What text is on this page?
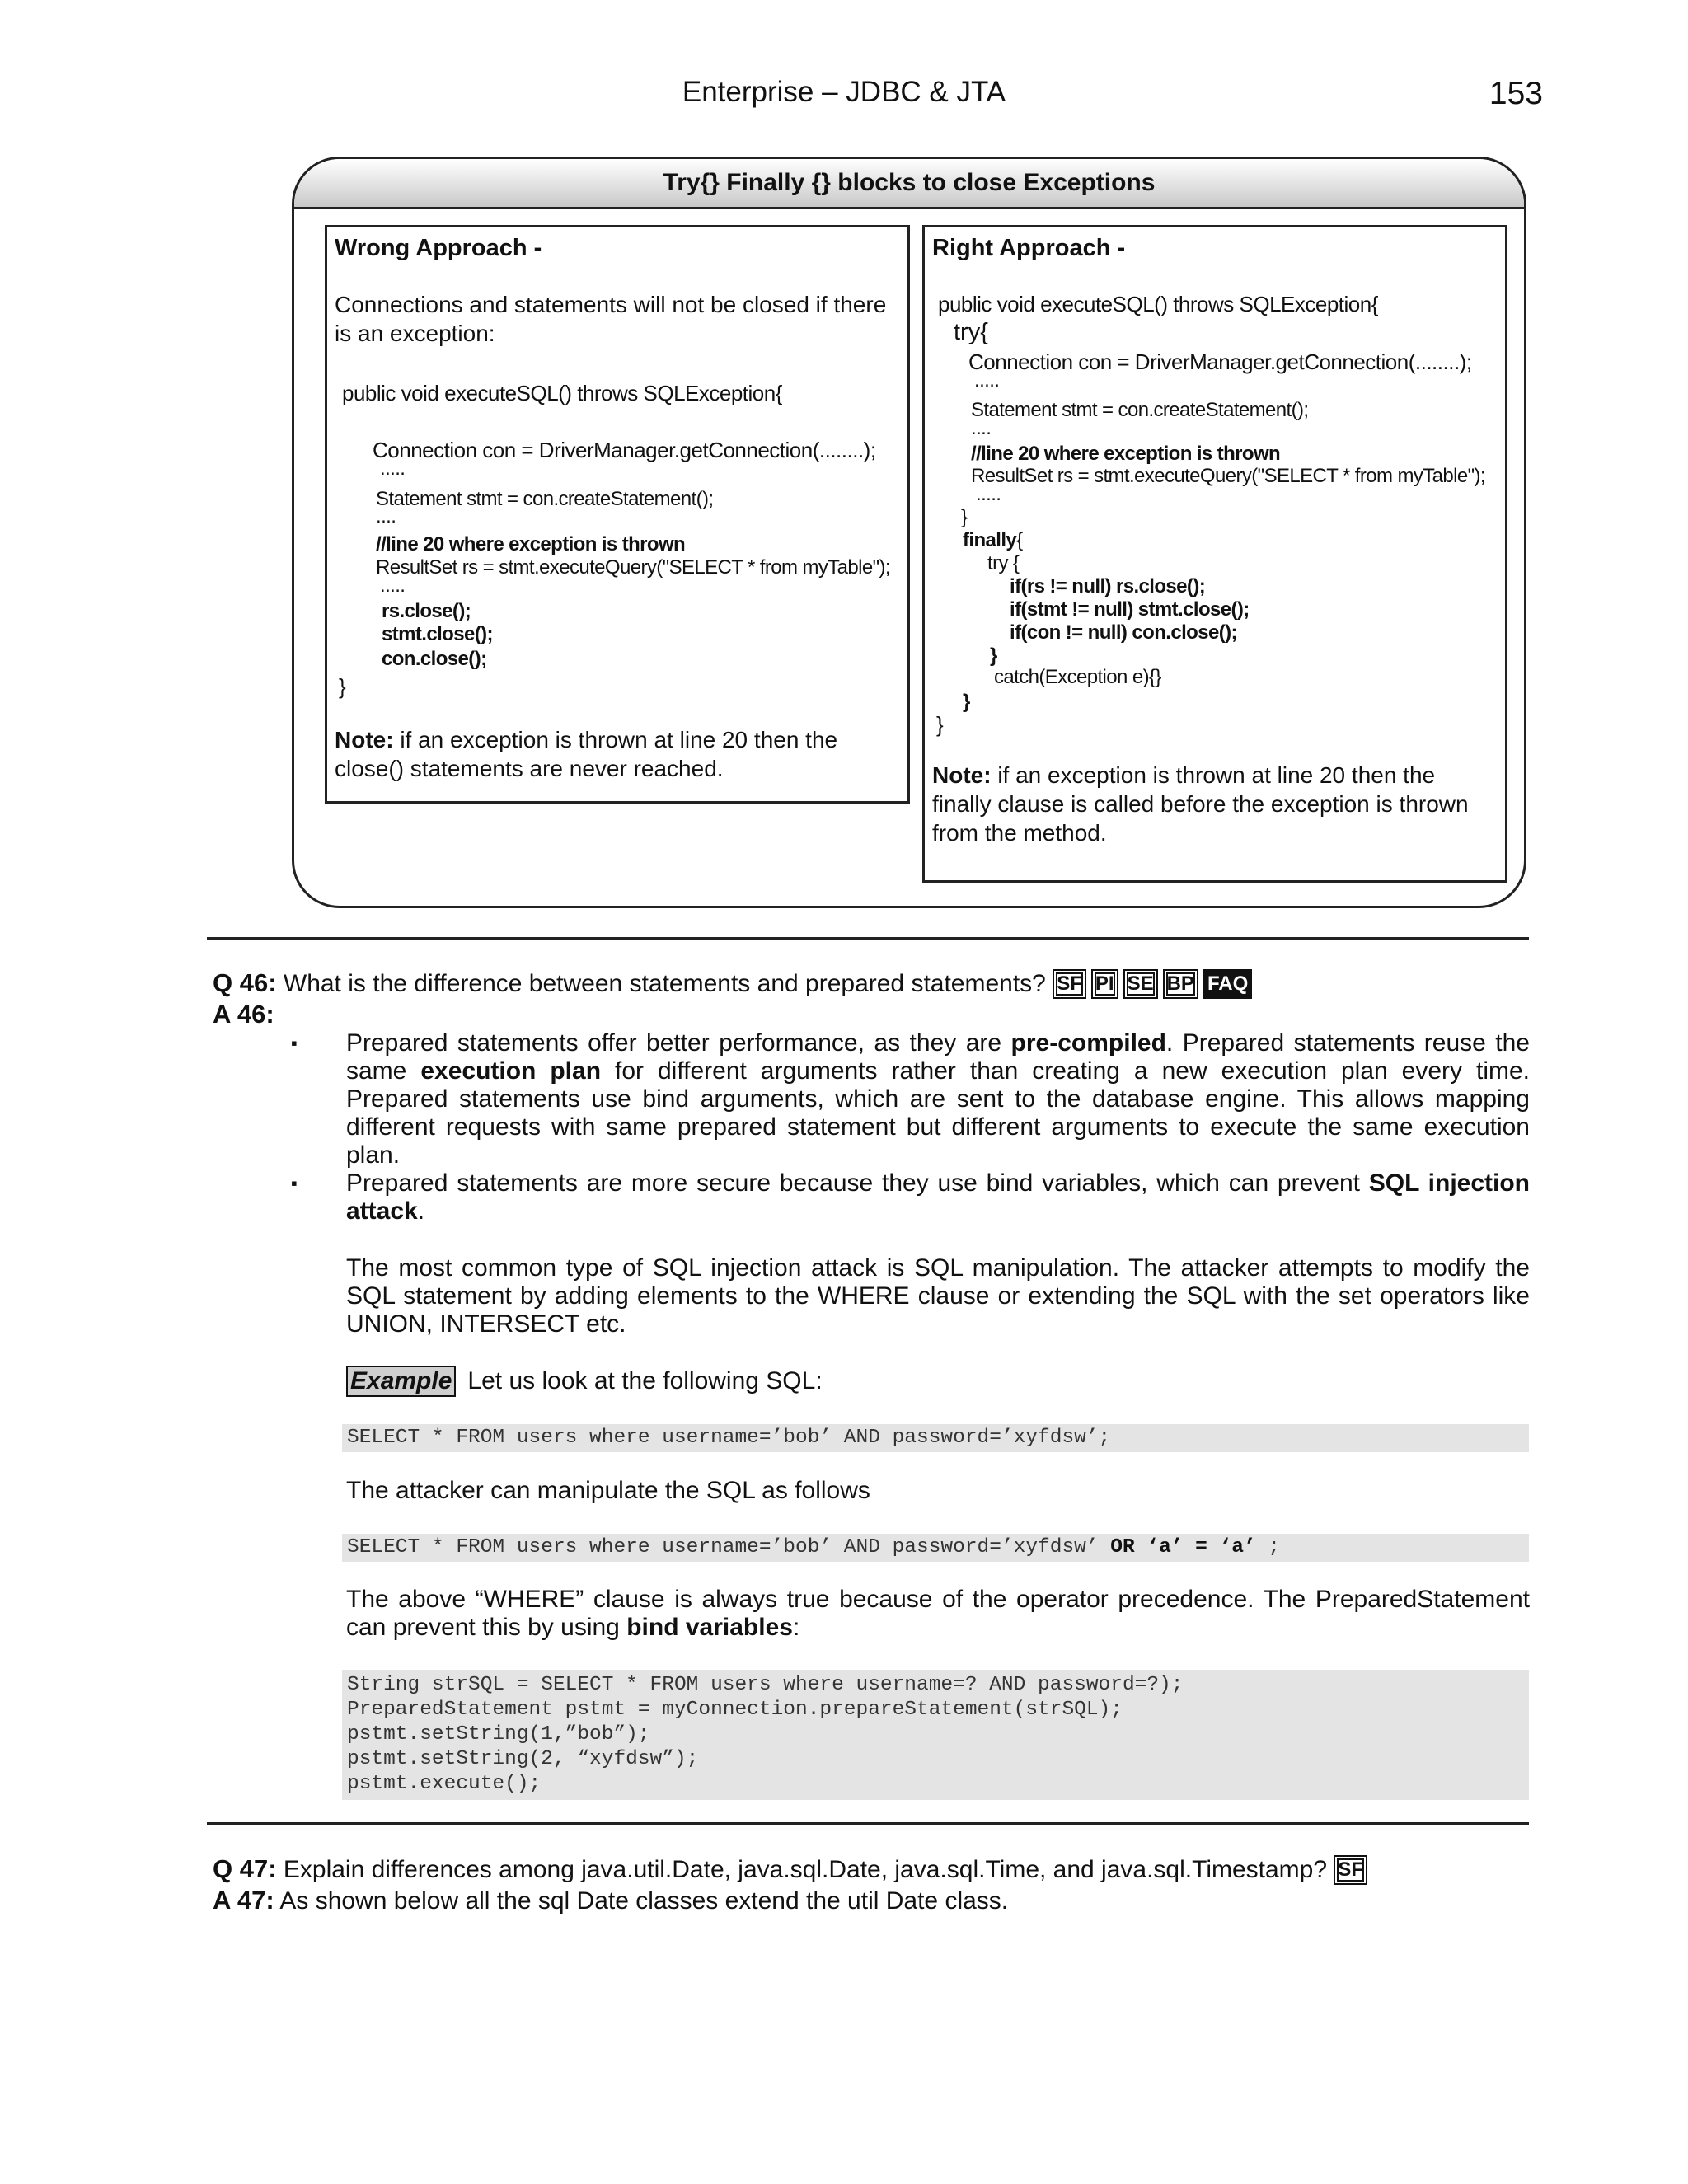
Enterprise – JDBC & JTA	153
Try{} Finally {} blocks to close Exceptions
Wrong Approach -
Connections and statements will not be closed if there
is an exception:
public void executeSQL() throws SQLException{
Connection con = DriverManager.getConnection(........);
.....
Statement stmt = con.createStatement();
....
//line 20 where exception is thrown
ResultSet rs = stmt.executeQuery("SELECT * from myTable");
.....
rs.close();
stmt.close();
con.close();
}
Note: if an exception is thrown at line 20 then the
close() statements are never reached.
Right Approach -
public void executeSQL() throws SQLException{
try{
Connection con = DriverManager.getConnection(........);
.....
Statement stmt = con.createStatement();
....
//line 20 where exception is thrown
ResultSet rs = stmt.executeQuery("SELECT * from myTable");
.....
}
finally{
try {
if(rs != null) rs.close();
if(stmt != null) stmt.close();
if(con != null) con.close();
}
catch(Exception e){}
}
}
Note: if an exception is thrown at line 20 then the
finally clause is called before the exception is thrown
from the method.
Q 46: What is the difference between statements and prepared statements? SF PI SE BP FAQ
A 46:
▪ Prepared statements offer better performance, as they are pre-compiled. Prepared statements reuse the same execution plan for different arguments rather than creating a new execution plan every time. Prepared statements use bind arguments, which are sent to the database engine. This allows mapping different requests with same prepared statement but different arguments to execute the same execution plan.
▪ Prepared statements are more secure because they use bind variables, which can prevent SQL injection attack.
The most common type of SQL injection attack is SQL manipulation. The attacker attempts to modify the SQL statement by adding elements to the WHERE clause or extending the SQL with the set operators like UNION, INTERSECT etc.
Example Let us look at the following SQL:
SELECT * FROM users where username=’bob’ AND password=’xyfdsw’;
The attacker can manipulate the SQL as follows
SELECT * FROM users where username=’bob’ AND password=’xyfdsw’ OR ‘a’ = ‘a’ ;
The above “WHERE” clause is always true because of the operator precedence. The PreparedStatement can prevent this by using bind variables:
String strSQL = SELECT * FROM users where username=? AND password=?);
PreparedStatement pstmt = myConnection.prepareStatement(strSQL);
pstmt.setString(1,”bob”);
pstmt.setString(2, “xyfdsw”);
pstmt.execute();
Q 47: Explain differences among java.util.Date, java.sql.Date, java.sql.Time, and java.sql.Timestamp? SF
A 47: As shown below all the sql Date classes extend the util Date class.
